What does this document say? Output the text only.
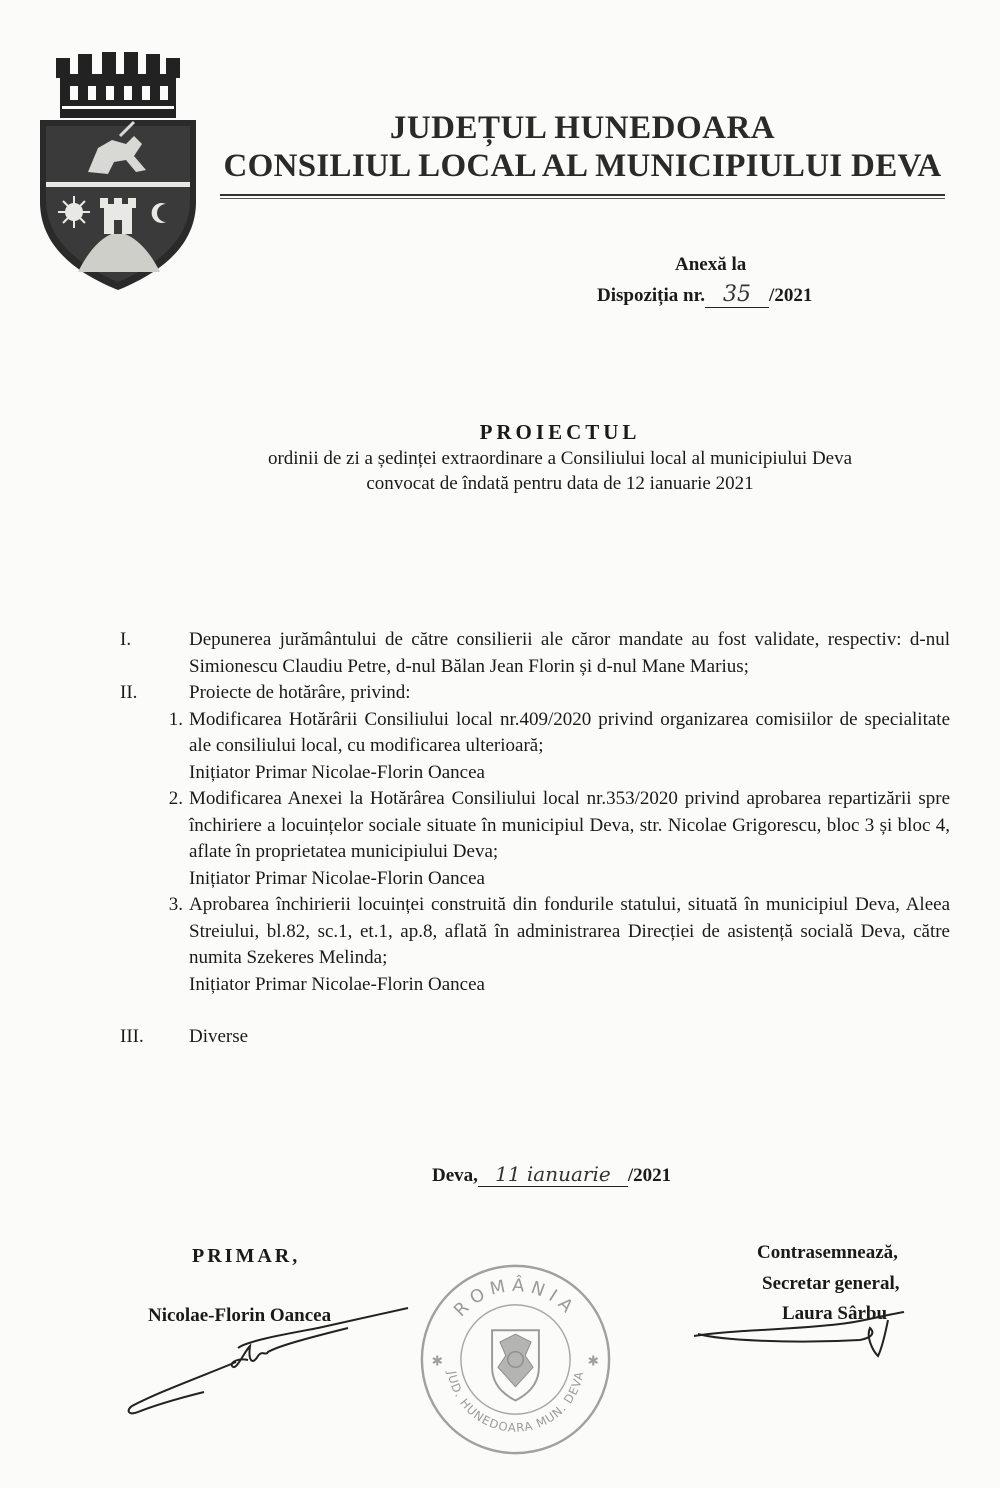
JUDEȚUL HUNEDOARA
CONSILIUL LOCAL AL MUNICIPIULUI DEVA
Anexă la
Dispoziția nr. 35 /2021
PROIECTUL
ordinii de zi a ședinței extraordinare a Consiliului local al municipiului Deva
convocat de îndată pentru data de 12 ianuarie 2021
I.	Depunerea jurământului de către consilierii ale căror mandate au fost validate, respectiv: d-nul Simionescu Claudiu Petre, d-nul Bălan Jean Florin și d-nul Mane Marius;
II.	Proiecte de hotărâre, privind:
1. Modificarea Hotărârii Consiliului local nr.409/2020 privind organizarea comisiilor de specialitate ale consiliului local, cu modificarea ulterioară;
Inițiator Primar Nicolae-Florin Oancea
2. Modificarea Anexei la Hotărârea Consiliului local nr.353/2020 privind aprobarea repartizării spre închiriere a locuințelor sociale situate în municipiul Deva, str. Nicolae Grigorescu, bloc 3 și bloc 4, aflate în proprietatea municipiului Deva;
Inițiator Primar Nicolae-Florin Oancea
3. Aprobarea închirierii locuinței construită din fondurile statului, situată în municipiul Deva, Aleea Streiului, bl.82, sc.1, et.1, ap.8, aflată în administrarea Direcției de asistență socială Deva, către numita Szekeres Melinda;
Inițiator Primar Nicolae-Florin Oancea
III.	Diverse
Deva, 11 ianuarie /2021
PRIMAR,
Nicolae-Florin Oancea
Contrasemnează,
Secretar general,
Laura Sârbu
ROMÂNIA
JUD. HUNEDOARA MUN. DEVA
✱	✱
